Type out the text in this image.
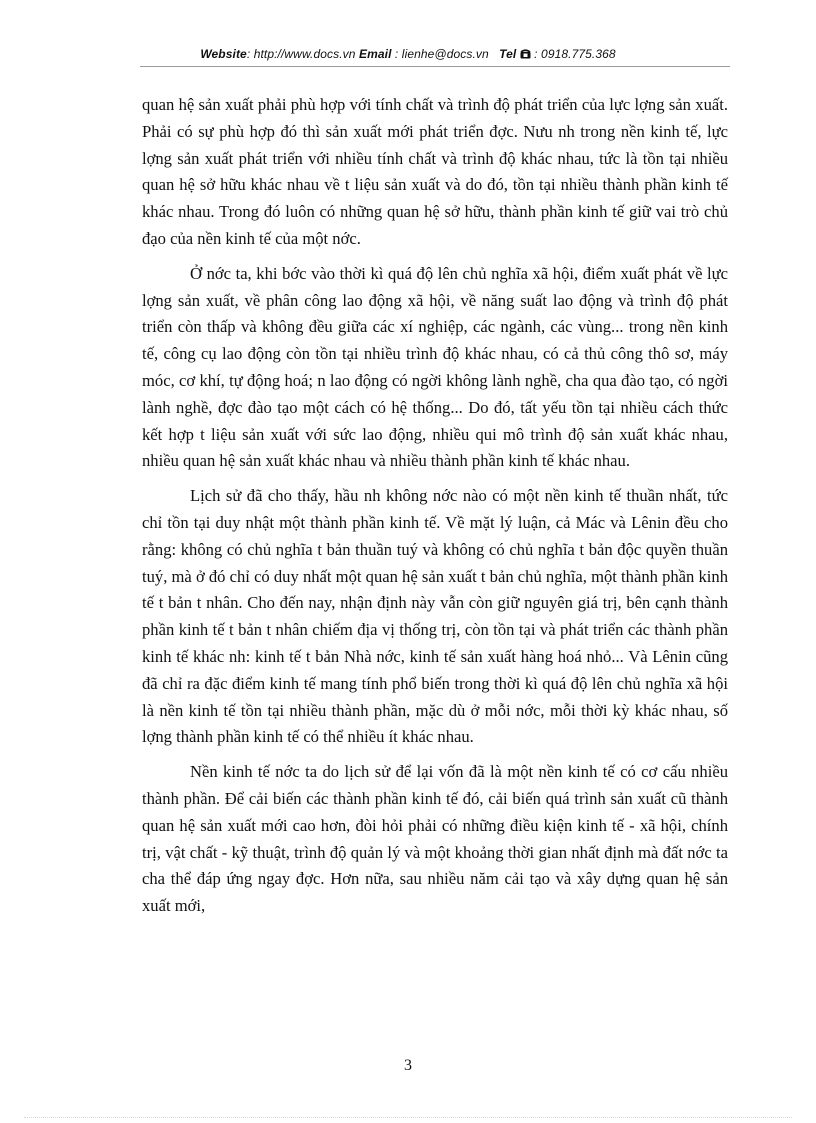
Website: http://www.docs.vn Email : lienhe@docs.vn Tel : 0918.775.368

quan hệ sản xuất phải phù hợp với tính chất và trình độ phát triển của lực lợng sản xuất. Phải có sự phù hợp đó thì sản xuất mới phát triển đợc. Nưu nh trong nền kinh tế, lực lợng sản xuất phát triển với nhiều tính chất và trình độ khác nhau, tức là tồn tại nhiều quan hệ sở hữu khác nhau về t liệu sản xuất và do đó, tồn tại nhiều thành phần kinh tế khác nhau. Trong đó luôn có những quan hệ sở hữu, thành phần kinh tế giữ vai trò chủ đạo của nền kinh tế của một nớc.

Ở nớc ta, khi bớc vào thời kì quá độ lên chủ nghĩa xã hội, điểm xuất phát về lực lợng sản xuất, về phân công lao động xã hội, về năng suất lao động và trình độ phát triển còn thấp và không đều giữa các xí nghiệp, các ngành, các vùng... trong nền kinh tế, công cụ lao động còn tồn tại nhiều trình độ khác nhau, có cả thủ công thô sơ, máy móc, cơ khí, tự động hoá; n lao động có ngời không lành nghề, cha qua đào tạo, có ngời lành nghề, đợc đào tạo một cách có hệ thống... Do đó, tất yếu tồn tại nhiều cách thức kết hợp t liệu sản xuất với sức lao động, nhiều qui mô trình độ sản xuất khác nhau, nhiều quan hệ sản xuất khác nhau và nhiều thành phần kinh tế khác nhau.

Lịch sử đã cho thấy, hầu nh không nớc nào có một nền kinh tế thuần nhất, tức chỉ tồn tại duy nhật một thành phần kinh tế. Về mặt lý luận, cả Mác và Lênin đều cho rằng: không có chủ nghĩa t bản thuần tuý và không có chủ nghĩa t bản độc quyền thuần tuý, mà ở đó chỉ có duy nhất một quan hệ sản xuất t bản chủ nghĩa, một thành phần kinh tế t bản t nhân. Cho đến nay, nhận định này vẫn còn giữ nguyên giá trị, bên cạnh thành phần kinh tế t bản t nhân chiếm địa vị thống trị, còn tồn tại và phát triển các thành phần kinh tế khác nh: kinh tế t bản Nhà nớc, kinh tế sản xuất hàng hoá nhỏ... Và Lênin cũng đã chỉ ra đặc điểm kinh tế mang tính phổ biến trong thời kì quá độ lên chủ nghĩa xã hội là nền kinh tế tồn tại nhiều thành phần, mặc dù ở mỗi nớc, mỗi thời kỳ khác nhau, số lợng thành phần kinh tế có thể nhiều ít khác nhau.

Nền kinh tế nớc ta do lịch sử để lại vốn đã là một nền kinh tế có cơ cấu nhiều thành phần. Để cải biến các thành phần kinh tế đó, cải biến quá trình sản xuất cũ thành quan hệ sản xuất mới cao hơn, đòi hỏi phải có những điều kiện kinh tế - xã hội, chính trị, vật chất - kỹ thuật, trình độ quản lý và một khoảng thời gian nhất định mà đất nớc ta cha thể đáp ứng ngay đợc. Hơn nữa, sau nhiều năm cải tạo và xây dựng quan hệ sản xuất mới,

3
